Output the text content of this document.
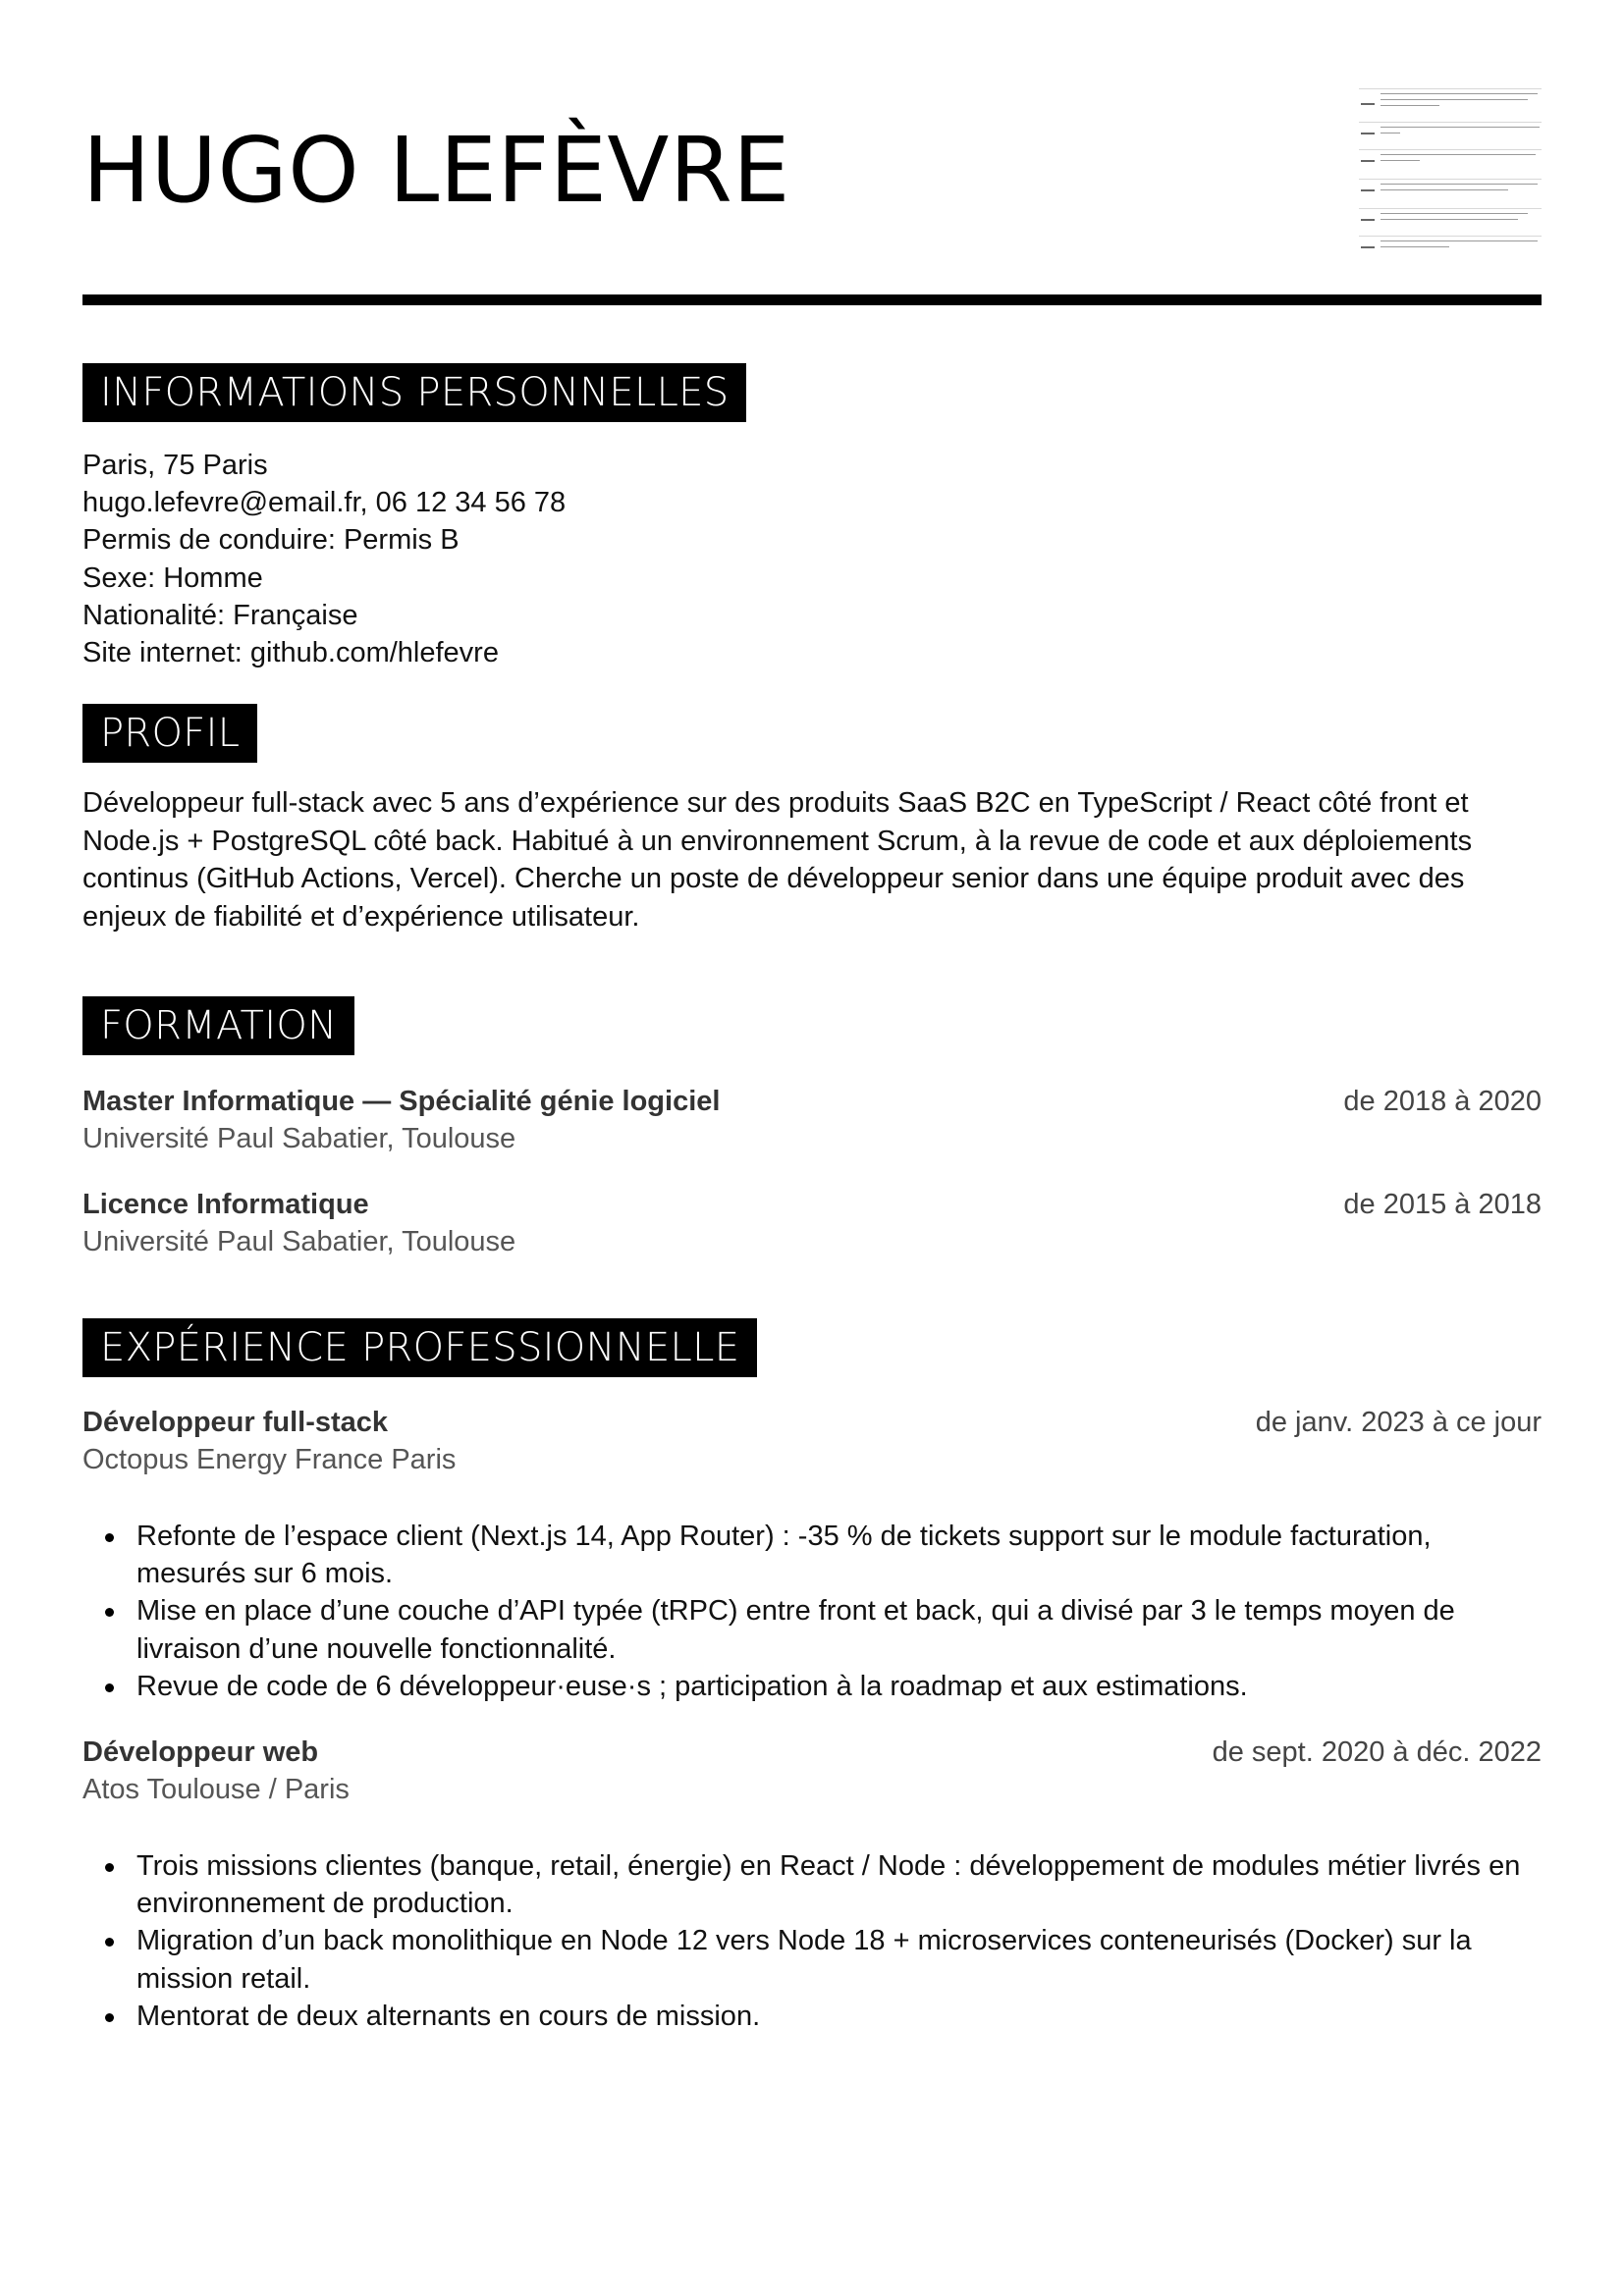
HUGO LEFÈVRE
INFORMATIONS PERSONNELLES
Paris, 75 Paris
hugo.lefevre@email.fr, 06 12 34 56 78
Permis de conduire: Permis B
Sexe: Homme
Nationalité: Française
Site internet: github.com/hlefevre
PROFIL

Développeur full-stack avec 5 ans d’expérience sur des produits SaaS B2C en TypeScript / React côté front et Node.js + PostgreSQL côté back. Habitué à un environnement Scrum, à la revue de code et aux déploiements continus (GitHub Actions, Vercel). Cherche un poste de développeur senior dans une équipe produit avec des enjeux de fiabilité et d’expérience utilisateur.

FORMATION
Master Informatique — Spécialité génie logiciel	de 2018 à 2020
Université Paul Sabatier, Toulouse
Licence Informatique	de 2015 à 2018
Université Paul Sabatier, Toulouse
EXPÉRIENCE PROFESSIONNELLE
Développeur full-stack	de janv. 2023 à ce jour
Octopus Energy France Paris
Refonte de l’espace client (Next.js 14, App Router) : -35 % de tickets support sur le module facturation, mesurés sur 6 mois.
Mise en place d’une couche d’API typée (tRPC) entre front et back, qui a divisé par 3 le temps moyen de livraison d’une nouvelle fonctionnalité.
Revue de code de 6 développeur·euse·s ; participation à la roadmap et aux estimations.
Développeur web	de sept. 2020 à déc. 2022
Atos Toulouse / Paris
Trois missions clientes (banque, retail, énergie) en React / Node : développement de modules métier livrés en environnement de production.
Migration d’un back monolithique en Node 12 vers Node 18 + microservices conteneurisés (Docker) sur la mission retail.
Mentorat de deux alternants en cours de mission.
